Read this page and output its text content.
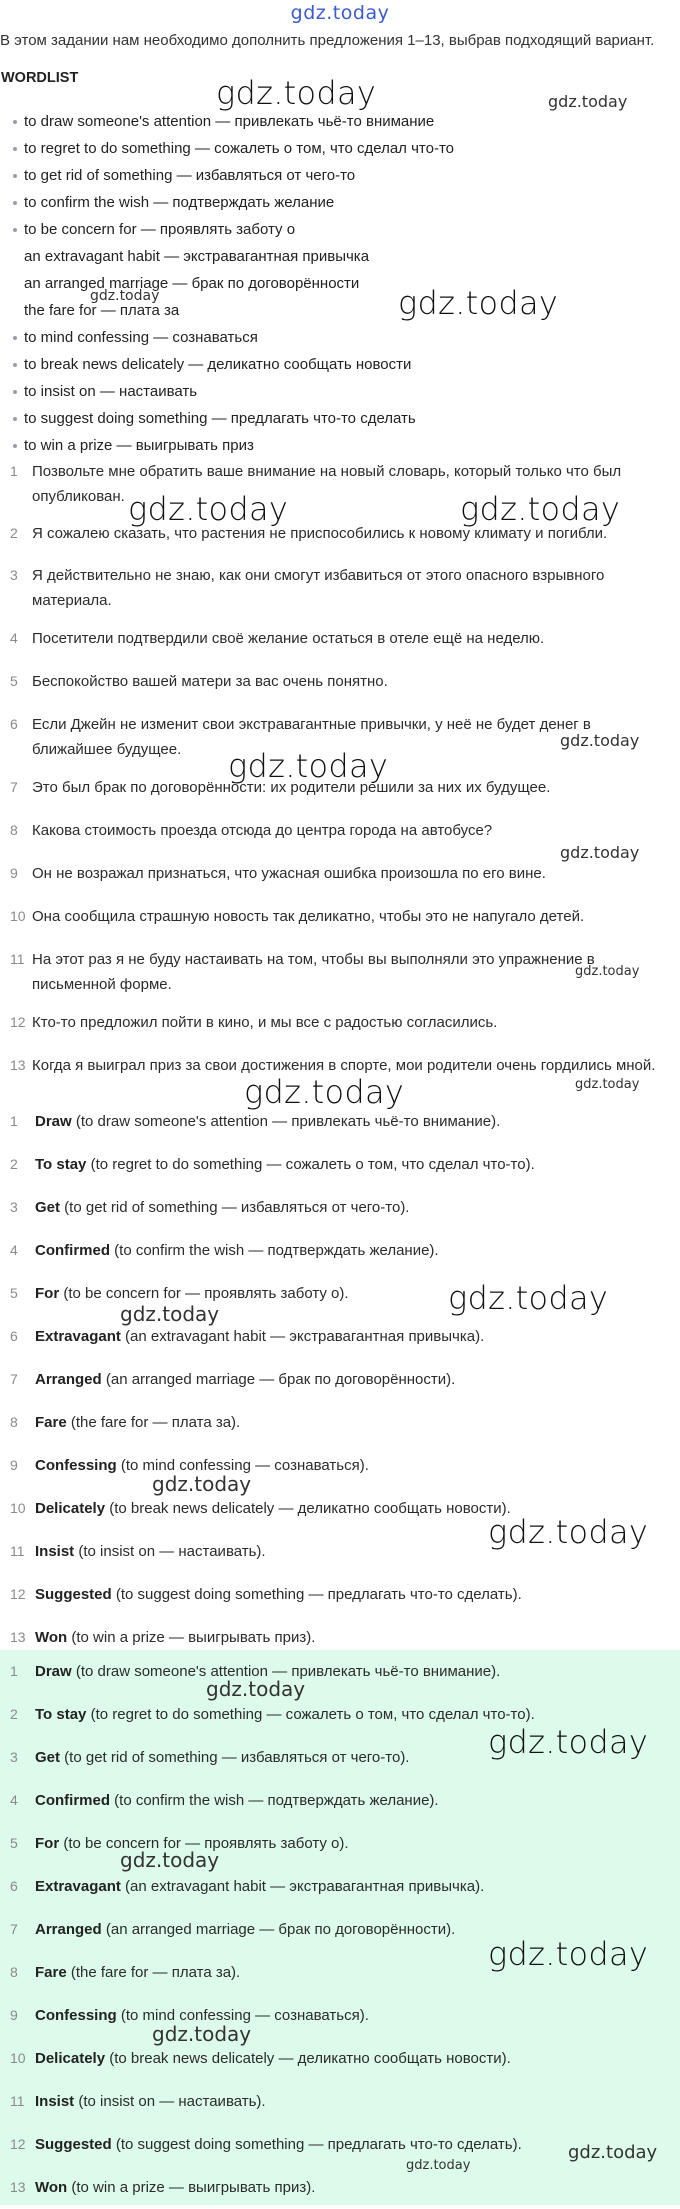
gdz.today
В этом задании нам необходимо дополнить предложения 1–13, выбрав подходящий вариант.
WORDLIST
to draw someone's attention — привлекать чьё-то внимание
to regret to do something — сожалеть о том, что сделал что-то
to get rid of something — избавляться от чего-то
to confirm the wish — подтверждать желание
to be concern for — проявлять заботу о
an extravagant habit — экстравагантная привычка
an arranged marriage — брак по договорённости
the fare for — плата за
to mind confessing — сознаваться
to break news delicately — деликатно сообщать новости
to insist on — настаивать
to suggest doing something — предлагать что-то сделать
to win a prize — выигрывать приз
1 Позвольте мне обратить ваше внимание на новый словарь, который только что был опубликован.
2 Я сожалею сказать, что растения не приспособились к новому климату и погибли.
3 Я действительно не знаю, как они смогут избавиться от этого опасного взрывного материала.
4 Посетители подтвердили своё желание остаться в отеле ещё на неделю.
5 Беспокойство вашей матери за вас очень понятно.
6 Если Джейн не изменит свои экстравагантные привычки, у неё не будет денег в ближайшее будущее.
7 Это был брак по договорённости: их родители решили за них их будущее.
8 Какова стоимость проезда отсюда до центра города на автобусе?
9 Он не возражал признаться, что ужасная ошибка произошла по его вине.
10 Она сообщила страшную новость так деликатно, чтобы это не напугало детей.
11 На этот раз я не буду настаивать на том, чтобы вы выполняли это упражнение в письменной форме.
12 Кто-то предложил пойти в кино, и мы все с радостью согласились.
13 Когда я выиграл приз за свои достижения в спорте, мои родители очень гордились мной.
1	Draw (to draw someone's attention — привлекать чьё-то внимание).
2	To stay (to regret to do something — сожалеть о том, что сделал что-то).
3	Get (to get rid of something — избавляться от чего-то).
4	Confirmed (to confirm the wish — подтверждать желание).
5	For (to be concern for — проявлять заботу о).
6	Extravagant (an extravagant habit — экстравагантная привычка).
7	Arranged (an arranged marriage — брак по договорённости).
8	Fare (the fare for — плата за).
9	Confessing (to mind confessing — сознаваться).
10 Delicately (to break news delicately — деликатно сообщать новости).
11 Insist (to insist on — настаивать).
12 Suggested (to suggest doing something — предлагать что-то сделать).
13 Won (to win a prize — выигрывать приз).
1	Draw (to draw someone's attention — привлекать чьё-то внимание).
2	To stay (to regret to do something — сожалеть о том, что сделал что-то).
3	Get (to get rid of something — избавляться от чего-то).
4	Confirmed (to confirm the wish — подтверждать желание).
5	For (to be concern for — проявлять заботу о).
6	Extravagant (an extravagant habit — экстравагантная привычка).
7	Arranged (an arranged marriage — брак по договорённости).
8	Fare (the fare for — плата за).
9	Confessing (to mind confessing — сознаваться).
10 Delicately (to break news delicately — деликатно сообщать новости).
11 Insist (to insist on — настаивать).
12 Suggested (to suggest doing something — предлагать что-то сделать).
13 Won (to win a prize — выигрывать приз).
gdz.today	gdz.today
gdz.today	gdz.today
gdz.today	gdz.today
gdz.today
gdz.today
gdz.today
gdz.today
gdz.today
gdz.today
gdz.today
gdz.today
gdz.today
gdz.today
gdz.today
gdz.today
gdz.today
gdz.today
gdz.today
gdz.today
gdz.today
